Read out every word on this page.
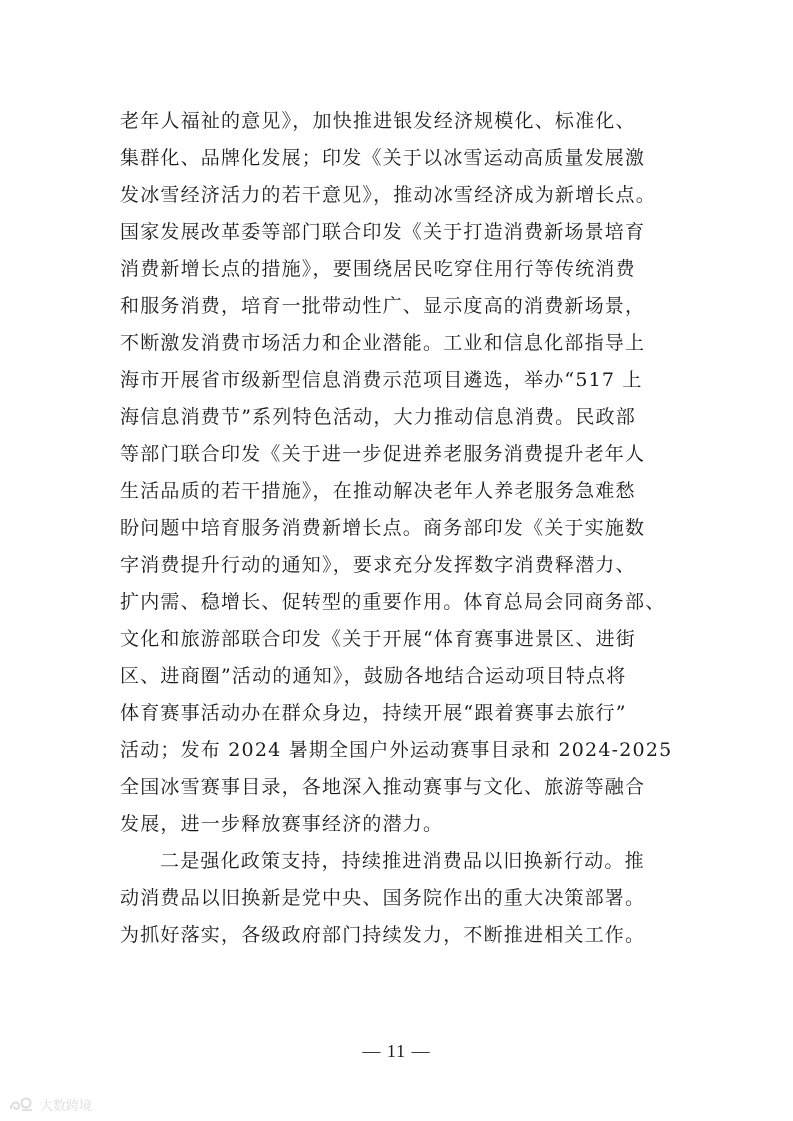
老年人福祉的意见》，加快推进银发经济规模化、标准化、
集群化、品牌化发展；印发《关于以冰雪运动高质量发展激
发冰雪经济活力的若干意见》，推动冰雪经济成为新增长点。
国家发展改革委等部门联合印发《关于打造消费新场景培育
消费新增长点的措施》，要围绕居民吃穿住用行等传统消费
和服务消费，培育一批带动性广、显示度高的消费新场景，
不断激发消费市场活力和企业潜能。工业和信息化部指导上
海市开展省市级新型信息消费示范项目遴选，举办“517 上
海信息消费节”系列特色活动，大力推动信息消费。民政部
等部门联合印发《关于进一步促进养老服务消费提升老年人
生活品质的若干措施》，在推动解决老年人养老服务急难愁
盼问题中培育服务消费新增长点。商务部印发《关于实施数
字消费提升行动的通知》，要求充分发挥数字消费释潜力、
扩内需、稳增长、促转型的重要作用。体育总局会同商务部、
文化和旅游部联合印发《关于开展“体育赛事进景区、进街
区、进商圈”活动的通知》，鼓励各地结合运动项目特点将
体育赛事活动办在群众身边，持续开展“跟着赛事去旅行”
活动；发布 2024 暑期全国户外运动赛事目录和 2024-2025
全国冰雪赛事目录，各地深入推动赛事与文化、旅游等融合
发展，进一步释放赛事经济的潜力。
二是强化政策支持，持续推进消费品以旧换新行动。推
动消费品以旧换新是党中央、国务院作出的重大决策部署。
为抓好落实，各级政府部门持续发力，不断推进相关工作。
— 11 —
大数跨境
